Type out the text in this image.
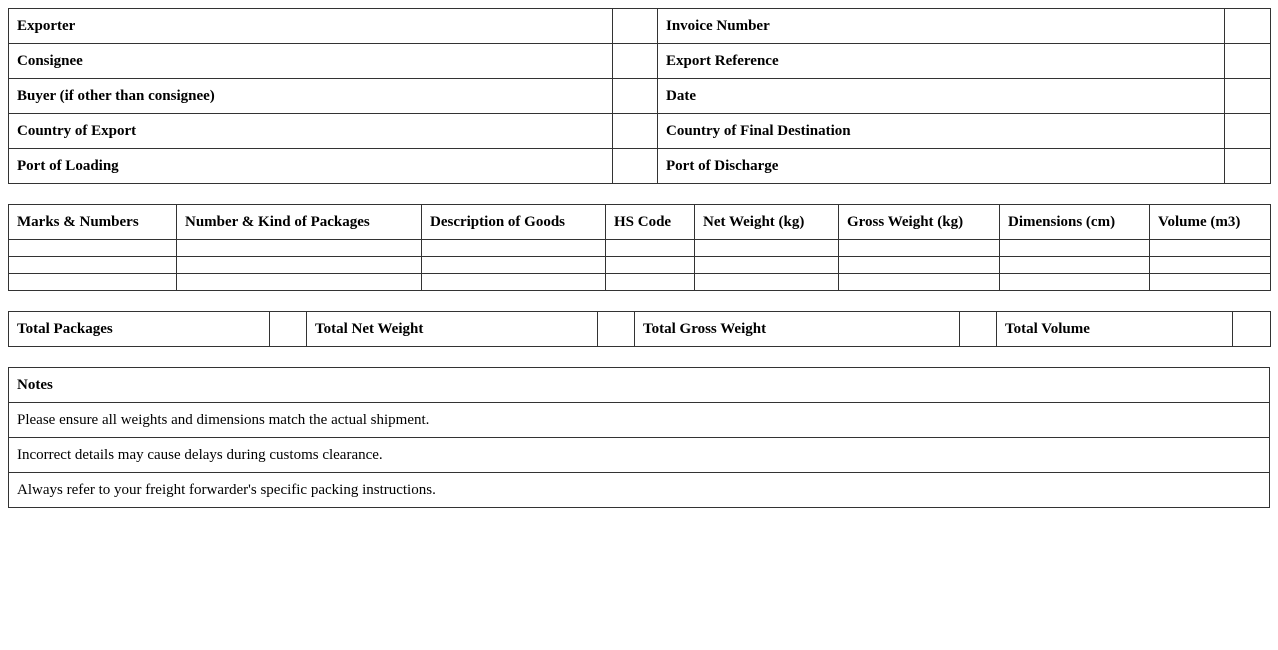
Exporter		Invoice Number	
Consignee		Export Reference	
Buyer (if other than consignee)		Date	
Country of Export		Country of Final Destination	
Port of Loading		Port of Discharge	
Marks & Numbers	Number & Kind of Packages	Description of Goods	HS Code	Net Weight (kg)	Gross Weight (kg)	Dimensions (cm)	Volume (m3)

Total Packages		Total Net Weight		Total Gross Weight		Total Volume	
Notes
Please ensure all weights and dimensions match the actual shipment.
Incorrect details may cause delays during customs clearance.
Always refer to your freight forwarder's specific packing instructions.
